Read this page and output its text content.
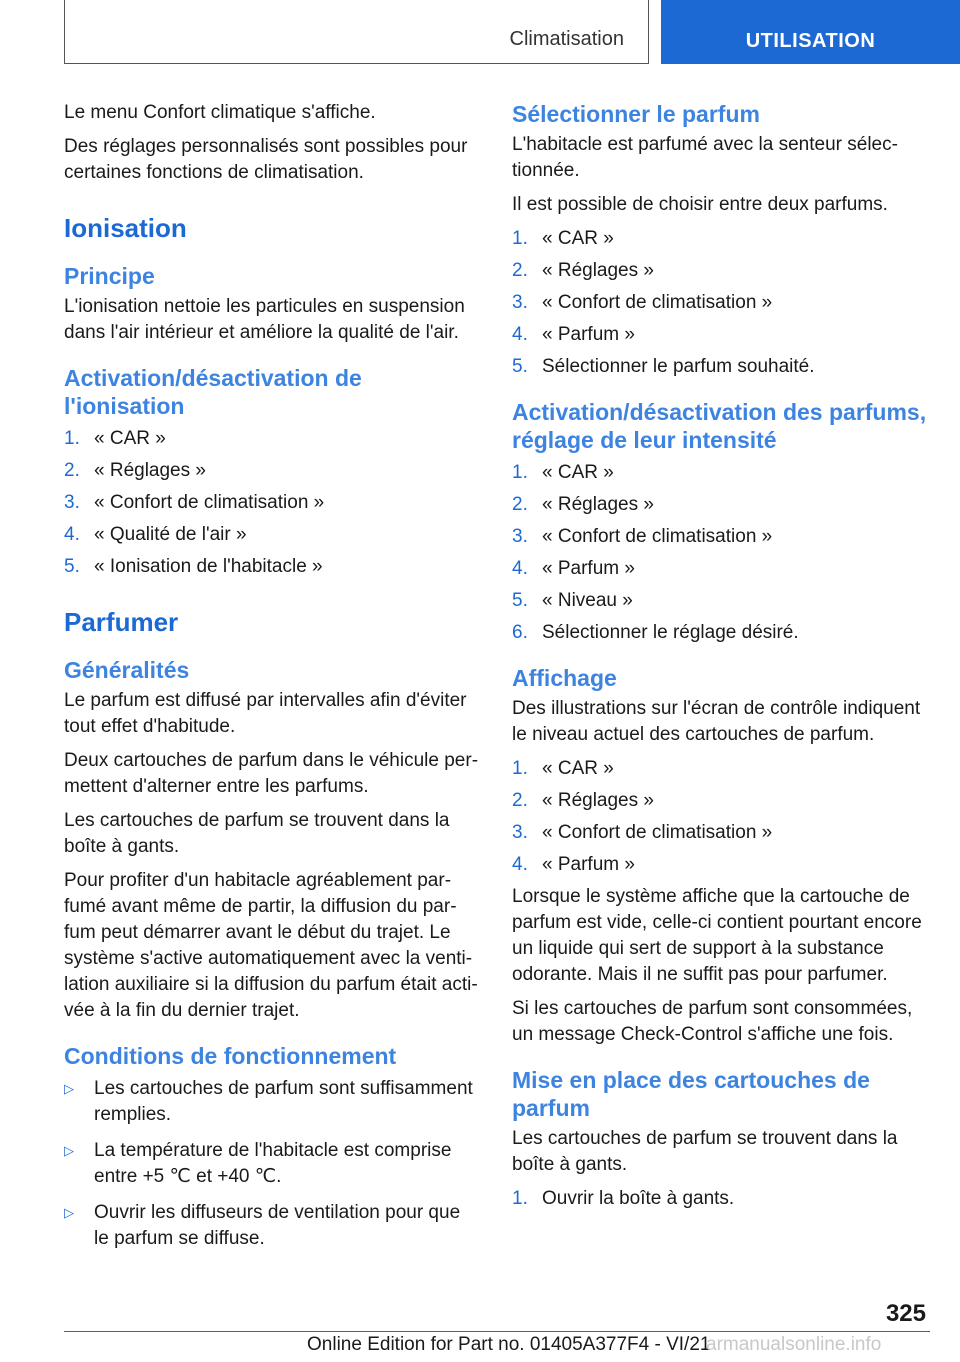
Climatisation	UTILISATION

Le menu Confort climatique s'affiche.

Des réglages personnalisés sont possibles pour certaines fonctions de climatisation.

Ionisation
Principe

L'ionisation nettoie les particules en suspension dans l'air intérieur et améliore la qualité de l'air.

Activation/désactivation de l'ionisation
1. « CAR »
2. « Réglages »
3. « Confort de climatisation »
4. « Qualité de l'air »
5. « Ionisation de l'habitacle »
Parfumer
Généralités

Le parfum est diffusé par intervalles afin d'éviter tout effet d'habitude.

Deux cartouches de parfum dans le véhicule permettent d'alterner entre les parfums.

Les cartouches de parfum se trouvent dans la boîte à gants.

Pour profiter d'un habitacle agréablement parfumé avant même de partir, la diffusion du parfum peut démarrer avant le début du trajet. Le système s'active automatiquement avec la ventilation auxiliaire si la diffusion du parfum était activée à la fin du dernier trajet.

Conditions de fonctionnement
▷	Les cartouches de parfum sont suffisamment remplies.
▷	La température de l'habitacle est comprise entre +5 ℃ et +40 ℃.
▷	Ouvrir les diffuseurs de ventilation pour que le parfum se diffuse.
Sélectionner le parfum

L'habitacle est parfumé avec la senteur sélectionnée.

Il est possible de choisir entre deux parfums.

1. « CAR »
2. « Réglages »
3. « Confort de climatisation »
4. « Parfum »
5. Sélectionner le parfum souhaité.
Activation/désactivation des parfums, réglage de leur intensité
1. « CAR »
2. « Réglages »
3. « Confort de climatisation »
4. « Parfum »
5. « Niveau »
6. Sélectionner le réglage désiré.
Affichage

Des illustrations sur l'écran de contrôle indiquent le niveau actuel des cartouches de parfum.

1. « CAR »
2. « Réglages »
3. « Confort de climatisation »
4. « Parfum »

Lorsque le système affiche que la cartouche de parfum est vide, celle-ci contient pourtant encore un liquide qui sert de support à la substance odorante. Mais il ne suffit pas pour parfumer.

Si les cartouches de parfum sont consommées, un message Check-Control s'affiche une fois.

Mise en place des cartouches de parfum

Les cartouches de parfum se trouvent dans la boîte à gants.

1. Ouvrir la boîte à gants.
325
Online Edition for Part no. 01405A377F4 - VI/21
armanualsonline.info
